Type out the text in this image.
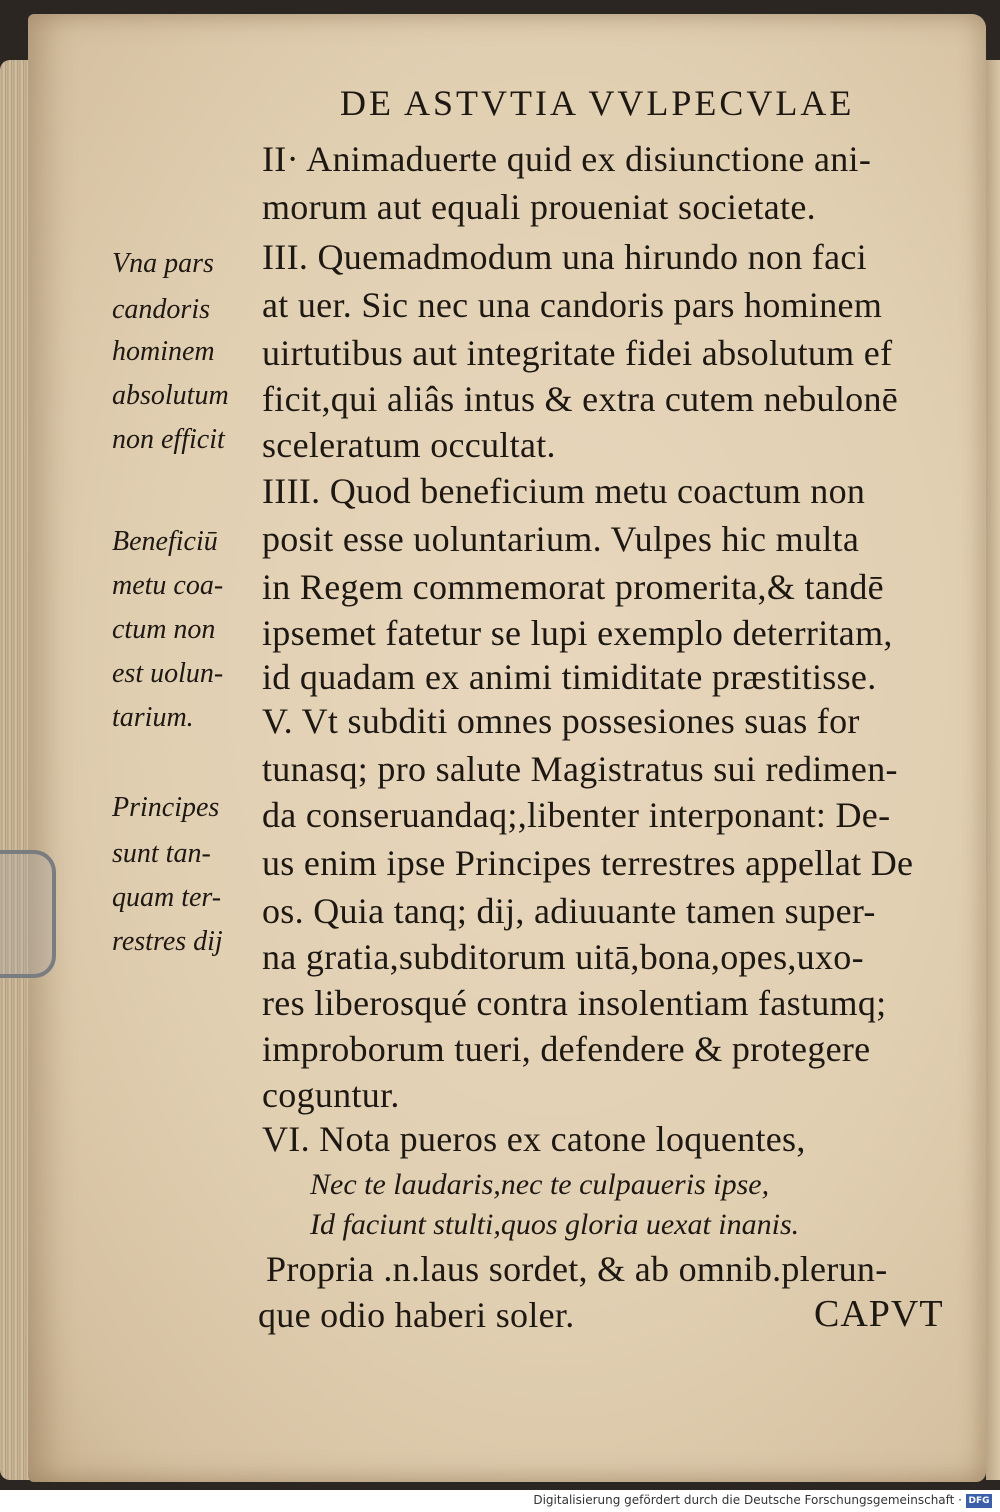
DE ASTVTIA VVLPECVLAE
II· Animaduerte quid ex disiunctione ani-
morum aut equali proueniat societate.
III. Quemadmodum una hirundo non faci
at uer. Sic nec una candoris pars hominem
uirtutibus aut integritate fidei absolutum ef
ficit,qui aliâs intus & extra cutem nebulonē
sceleratum occultat.
IIII. Quod beneficium metu coactum non
posit esse uoluntarium. Vulpes hic multa
in Regem commemorat promerita,& tandē
ipsemet fatetur se lupi exemplo deterritam,
id quadam ex animi timiditate præstitisse.
V. Vt subditi omnes possesiones suas for
tunasq; pro salute Magistratus sui redimen-
da conseruandaq;,libenter interponant: De-
us enim ipse Principes terrestres appellat De
os. Quia tanq; dij, adiuuante tamen super-
na gratia,subditorum uitā,bona,opes,uxo-
res liberosqué contra insolentiam fastumq;
improborum tueri, defendere & protegere
coguntur.
VI. Nota pueros ex catone loquentes,
Nec te laudaris,nec te culpaueris ipse,
Id faciunt stulti,quos gloria uexat inanis.
Propria .n.laus sordet, & ab omnib.plerun-
que odio haberi soler.	CAPVT
Vna pars
candoris
hominem
absolutum
non efficit
Beneficiū
metu coa-
ctum non
est uolun-
tarium.
Principes
sunt tan-
quam ter-
restres dij
Digitalisierung gefördert durch die Deutsche Forschungsgemeinschaft · DFG
